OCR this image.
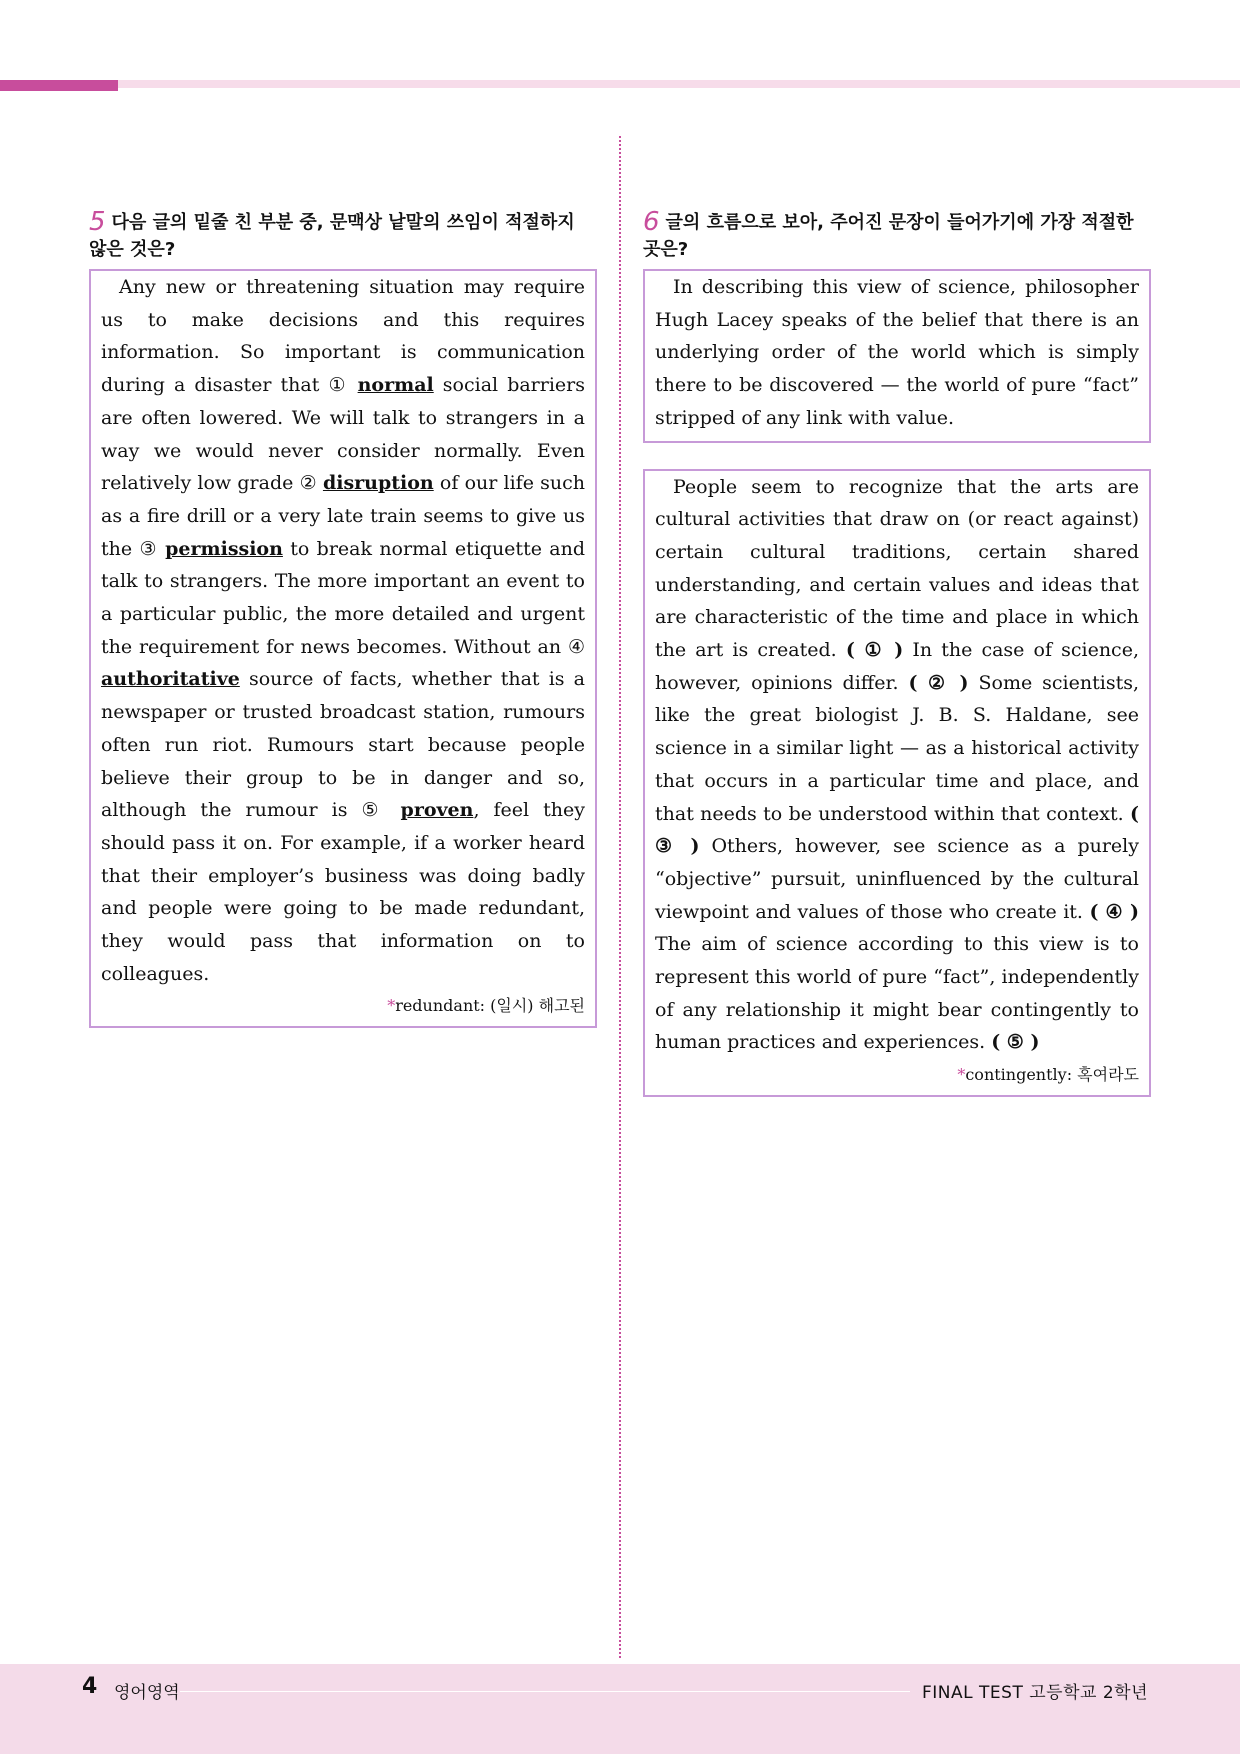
5 다음 글의 밑줄 친 부분 중, 문맥상 낱말의 쓰임이 적절하지 않은 것은?

Any new or threatening situation may require us to make decisions and this requires information. So important is communication during a disaster that ① normal social barriers are often lowered. We will talk to strangers in a way we would never consider normally. Even relatively low grade ② disruption of our life such as a fire drill or a very late train seems to give us the ③ permission to break normal etiquette and talk to strangers. The more important an event to a particular public, the more detailed and urgent the requirement for news becomes. Without an ④ authoritative source of facts, whether that is a newspaper or trusted broadcast station, rumours often run riot. Rumours start because people believe their group to be in danger and so, although the rumour is ⑤ proven, feel they should pass it on. For example, if a worker heard that their employer’s business was doing badly and people were going to be made redundant, they would pass that information on to colleagues.

*redundant: (일시) 해고된
6 글의 흐름으로 보아, 주어진 문장이 들어가기에 가장 적절한 곳은?

In describing this view of science, philosopher Hugh Lacey speaks of the belief that there is an underlying order of the world which is simply there to be discovered — the world of pure “fact” stripped of any link with value.

People seem to recognize that the arts are cultural activities that draw on (or react against) certain cultural traditions, certain shared understanding, and certain values and ideas that are characteristic of the time and place in which the art is created. ( ① ) In the case of science, however, opinions differ. ( ② ) Some scientists, like the great biologist J. B. S. Haldane, see science in a similar light — as a historical activity that occurs in a particular time and place, and that needs to be understood within that context. ( ③ ) Others, however, see science as a purely “objective” pursuit, uninfluenced by the cultural viewpoint and values of those who create it. ( ④ ) The aim of science according to this view is to represent this world of pure “fact”, independently of any relationship it might bear contingently to human practices and experiences. ( ⑤ )

*contingently: 혹여라도
4 영어영역	FINAL TEST 고등학교 2학년
